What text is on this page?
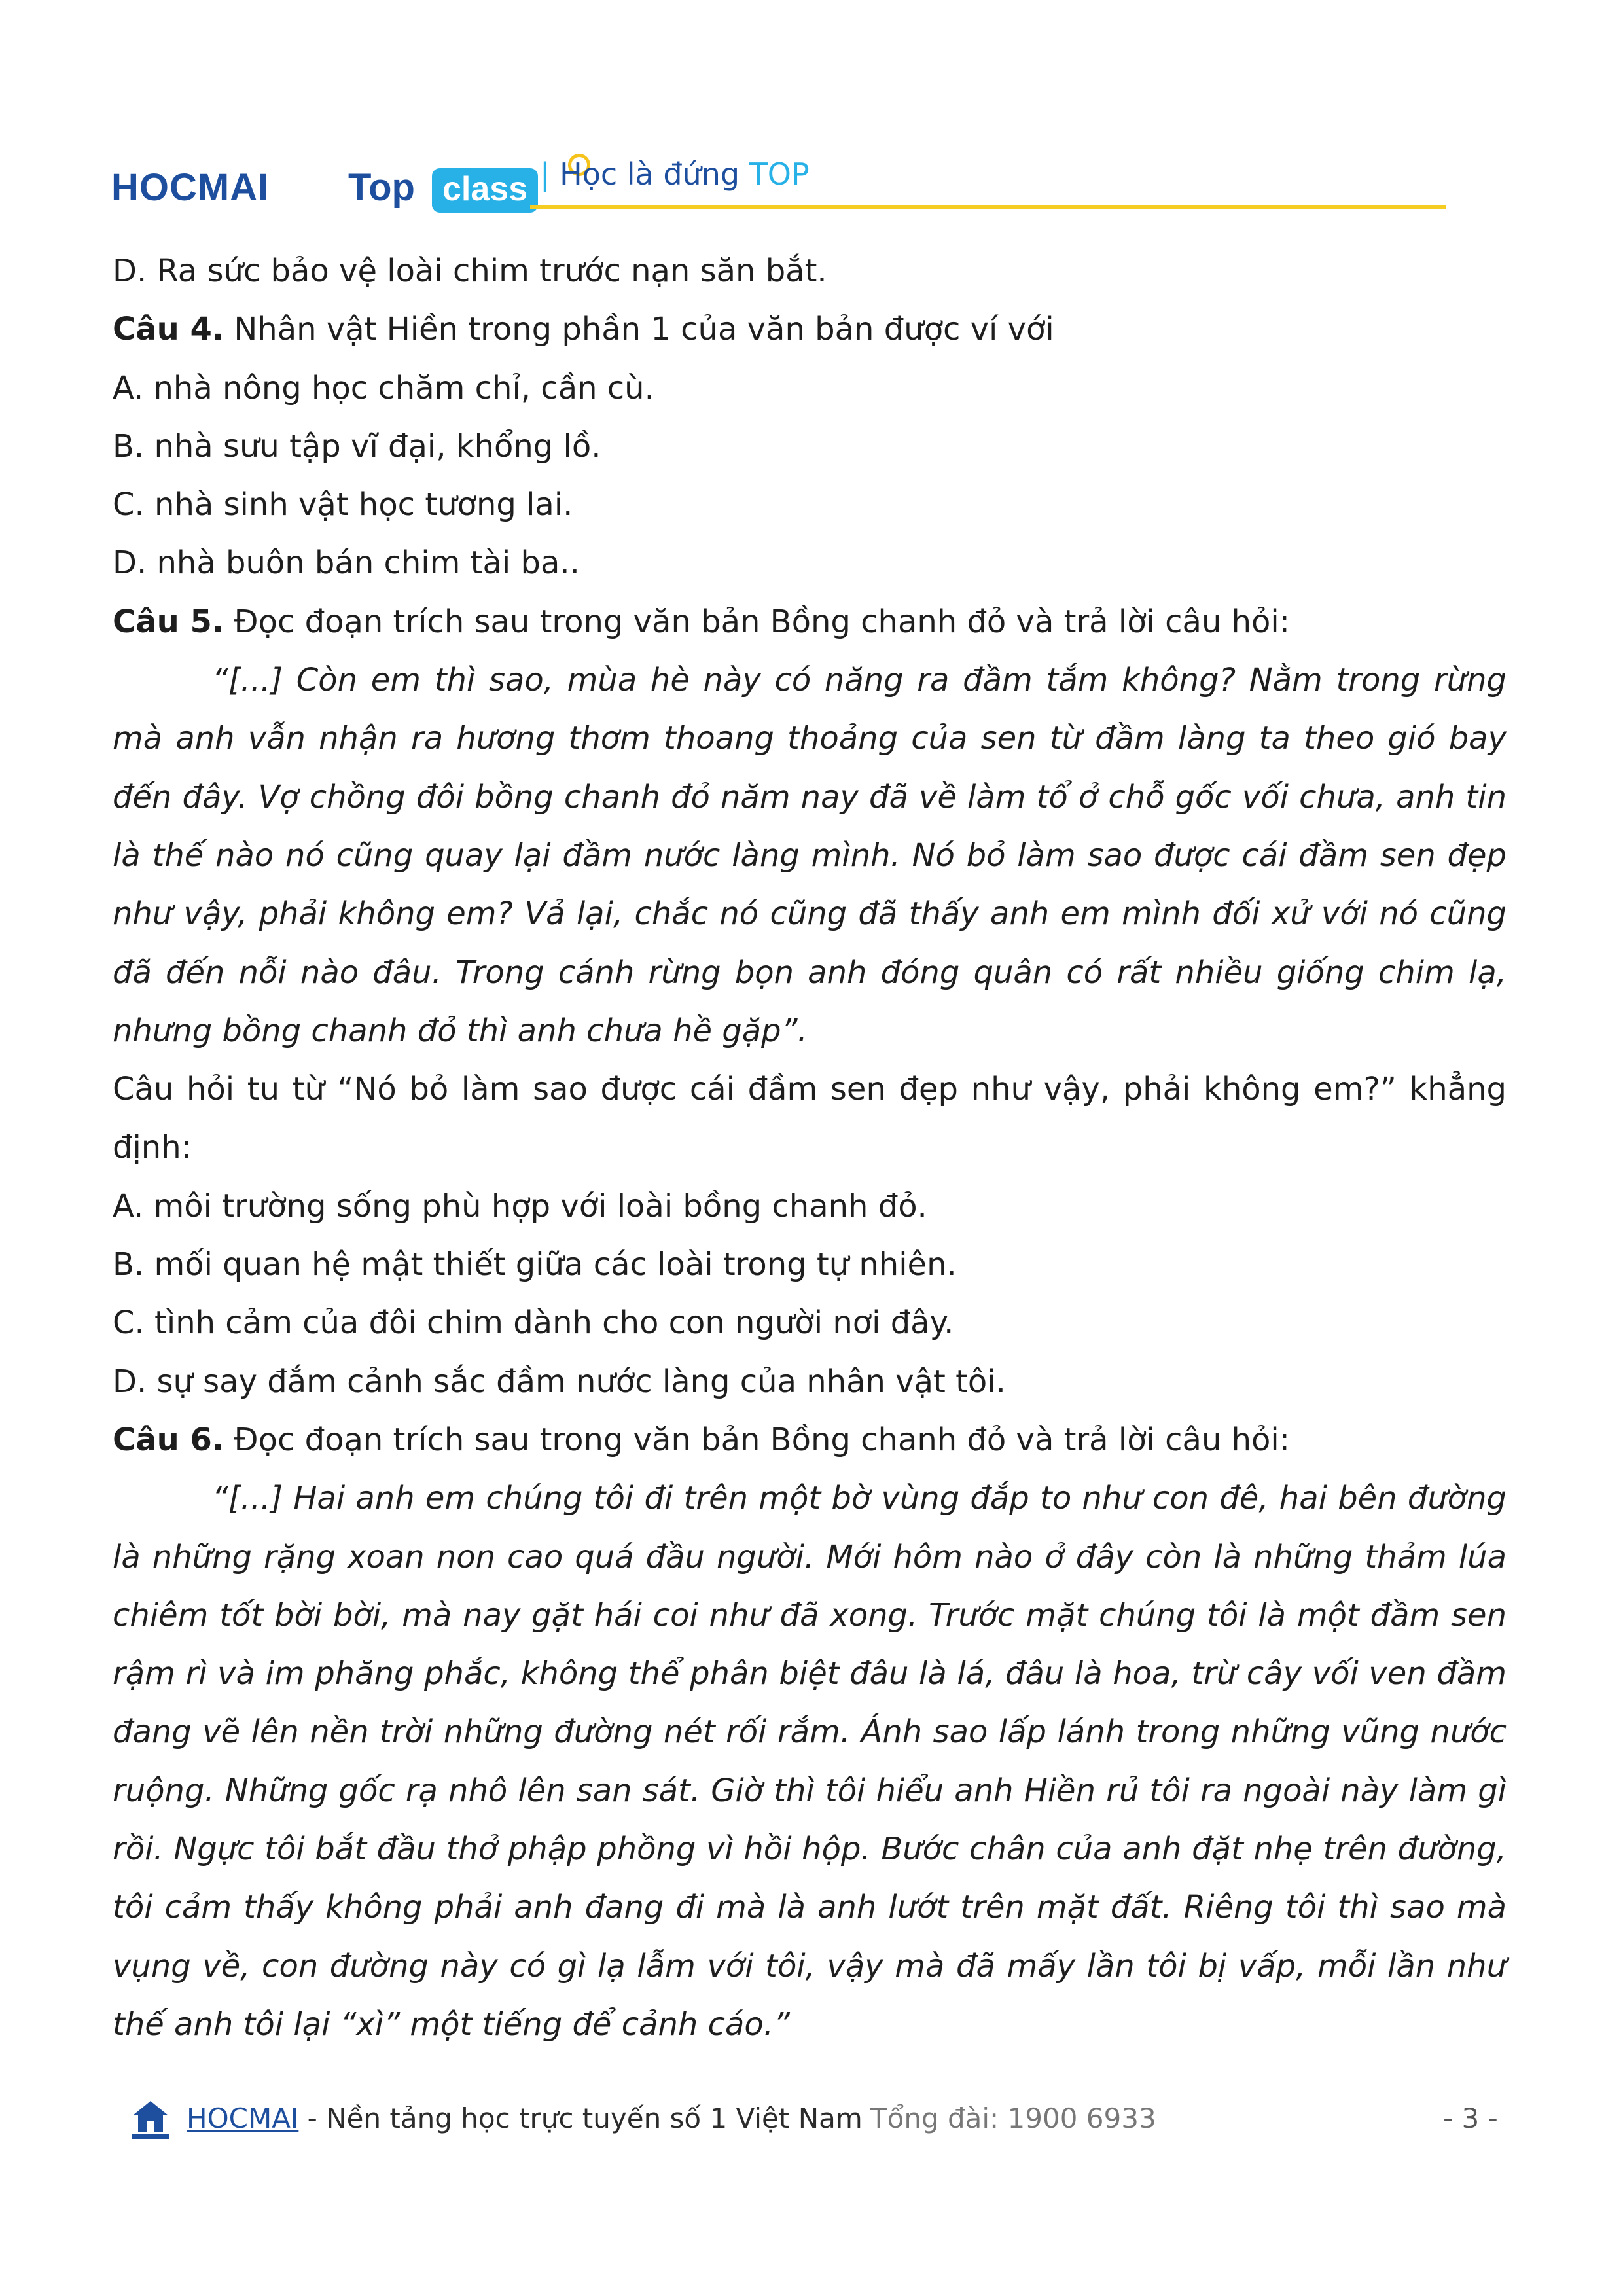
HOCMAI Top class | Học là đứng TOP

D. Ra sức bảo vệ loài chim trước nạn săn bắt.

Câu 4. Nhân vật Hiền trong phần 1 của văn bản được ví với

A. nhà nông học chăm chỉ, cần cù.

B. nhà sưu tập vĩ đại, khổng lồ.

C. nhà sinh vật học tương lai.

D. nhà buôn bán chim tài ba..

Câu 5. Đọc đoạn trích sau trong văn bản Bồng chanh đỏ và trả lời câu hỏi:

“[...] Còn em thì sao, mùa hè này có năng ra đầm tắm không? Nằm trong rừng mà anh vẫn nhận ra hương thơm thoang thoảng của sen từ đầm làng ta theo gió bay đến đây. Vợ chồng đôi bồng chanh đỏ năm nay đã về làm tổ ở chỗ gốc vối chưa, anh tin là thế nào nó cũng quay lại đầm nước làng mình. Nó bỏ làm sao được cái đầm sen đẹp như vậy, phải không em? Vả lại, chắc nó cũng đã thấy anh em mình đối xử với nó cũng đã đến nỗi nào đâu. Trong cánh rừng bọn anh đóng quân có rất nhiều giống chim lạ, nhưng bồng chanh đỏ thì anh chưa hề gặp”.

Câu hỏi tu từ “Nó bỏ làm sao được cái đầm sen đẹp như vậy, phải không em?” khẳng định:

A. môi trường sống phù hợp với loài bồng chanh đỏ.

B. mối quan hệ mật thiết giữa các loài trong tự nhiên.

C. tình cảm của đôi chim dành cho con người nơi đây.

D. sự say đắm cảnh sắc đầm nước làng của nhân vật tôi.

Câu 6. Đọc đoạn trích sau trong văn bản Bồng chanh đỏ và trả lời câu hỏi:

“[...] Hai anh em chúng tôi đi trên một bờ vùng đắp to như con đê, hai bên đường là những rặng xoan non cao quá đầu người. Mới hôm nào ở đây còn là những thảm lúa chiêm tốt bời bời, mà nay gặt hái coi như đã xong. Trước mặt chúng tôi là một đầm sen rậm rì và im phăng phắc, không thể phân biệt đâu là lá, đâu là hoa, trừ cây vối ven đầm đang vẽ lên nền trời những đường nét rối rắm. Ánh sao lấp lánh trong những vũng nước ruộng. Những gốc rạ nhô lên san sát. Giờ thì tôi hiểu anh Hiền rủ tôi ra ngoài này làm gì rồi. Ngực tôi bắt đầu thở phập phồng vì hồi hộp. Bước chân của anh đặt nhẹ trên đường, tôi cảm thấy không phải anh đang đi mà là anh lướt trên mặt đất. Riêng tôi thì sao mà vụng về, con đường này có gì lạ lẫm với tôi, vậy mà đã mấy lần tôi bị vấp, mỗi lần như thế anh tôi lại “xì” một tiếng để cảnh cáo.”

HOCMAI - Nền tảng học trực tuyến số 1 Việt Nam Tổng đài: 1900 6933	- 3 -
